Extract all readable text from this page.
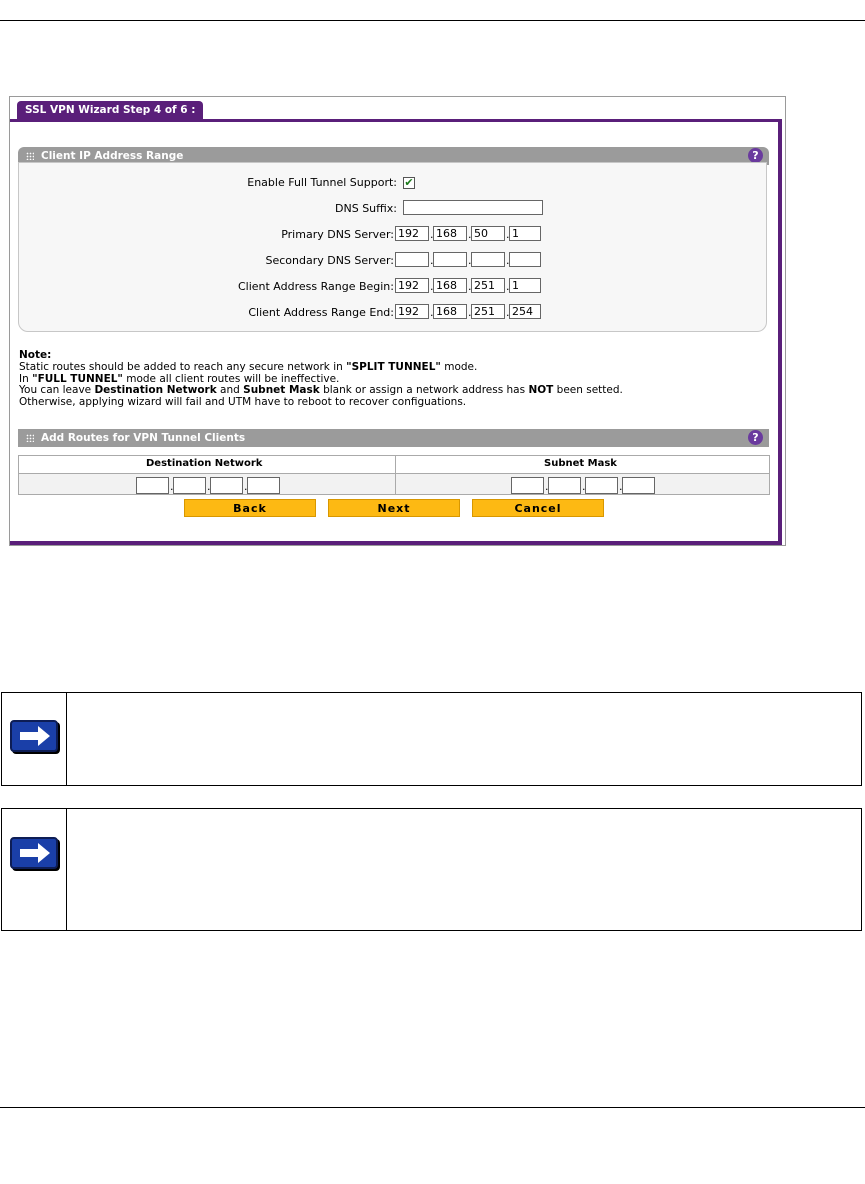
SSL VPN Wizard Step 4 of 6 :
Client IP Address Range	?
Enable Full Tunnel Support: ✔
DNS Suffix:
Primary DNS Server: 192	. 168	. 50	. 1
Secondary DNS Server:	.	.	.
Client Address Range Begin: 192	. 168	. 251	. 1
Client Address Range End: 192	. 168	. 251	. 254
Note:
Static routes should be added to reach any secure network in "SPLIT TUNNEL" mode.
In "FULL TUNNEL" mode all client routes will be ineffective.
You can leave Destination Network and Subnet Mask blank or assign a network address has NOT been setted.
Otherwise, applying wizard will fail and UTM have to reboot to recover configuations.
Add Routes for VPN Tunnel Clients	?
Destination Network	Subnet Mask
.	.	.	.	.	.
Back	Next	Cancel
